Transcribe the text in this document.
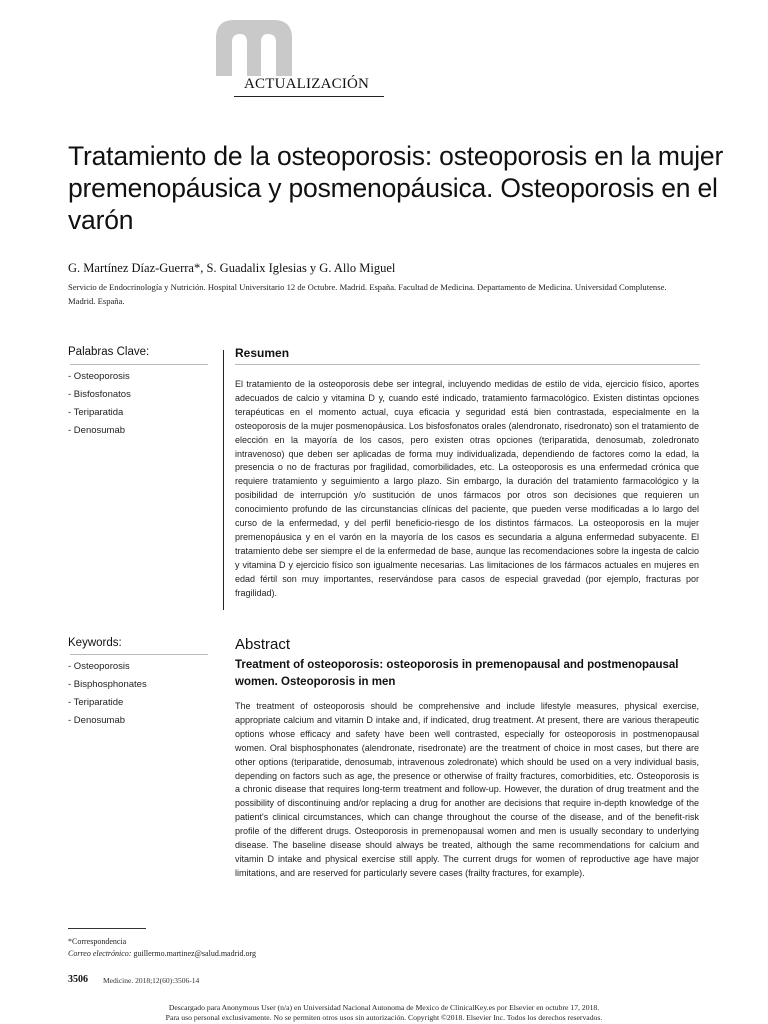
ACTUALIZACIÓN
Tratamiento de la osteoporosis: osteoporosis en la mujer premenopáusica y posmenopáusica. Osteoporosis en el varón
G. Martínez Díaz-Guerra*, S. Guadalix Iglesias y G. Allo Miguel
Servicio de Endocrinología y Nutrición. Hospital Universitario 12 de Octubre. Madrid. España. Facultad de Medicina. Departamento de Medicina. Universidad Complutense. Madrid. España.
Palabras Clave:
- Osteoporosis
- Bisfosfonatos
- Teriparatida
- Denosumab
Keywords:
- Osteoporosis
- Bisphosphonates
- Teriparatide
- Denosumab
Resumen

El tratamiento de la osteoporosis debe ser integral, incluyendo medidas de estilo de vida, ejercicio físico, aportes adecuados de calcio y vitamina D y, cuando esté indicado, tratamiento farmacológico. Existen distintas opciones terapéuticas en el momento actual, cuya eficacia y seguridad está bien contrastada, especialmente en la osteoporosis de la mujer posmenopáusica. Los bisfosfonatos orales (alendronato, risedronato) son el tratamiento de elección en la mayoría de los casos, pero existen otras opciones (teriparatida, denosumab, zoledronato intravenoso) que deben ser aplicadas de forma muy individualizada, dependiendo de factores como la edad, la presencia o no de fracturas por fragilidad, comorbilidades, etc. La osteoporosis es una enfermedad crónica que requiere tratamiento y seguimiento a largo plazo. Sin embargo, la duración del tratamiento farmacológico y la posibilidad de interrupción y/o sustitución de unos fármacos por otros son decisiones que requieren un conocimiento profundo de las circunstancias clínicas del paciente, que pueden verse modificadas a lo largo del curso de la enfermedad, y del perfil beneficio-riesgo de los distintos fármacos. La osteoporosis en la mujer premenopáusica y en el varón en la mayoría de los casos es secundaria a alguna enfermedad subyacente. El tratamiento debe ser siempre el de la enfermedad de base, aunque las recomendaciones sobre la ingesta de calcio y vitamina D y ejercicio físico son igualmente necesarias. Las limitaciones de los fármacos actuales en mujeres en edad fértil son muy importantes, reservándose para casos de especial gravedad (por ejemplo, fracturas por fragilidad).

Abstract
Treatment of osteoporosis: osteoporosis in premenopausal and postmenopausal women. Osteoporosis in men

The treatment of osteoporosis should be comprehensive and include lifestyle measures, physical exercise, appropriate calcium and vitamin D intake and, if indicated, drug treatment. At present, there are various therapeutic options whose efficacy and safety have been well contrasted, especially for osteoporosis in postmenopausal women. Oral bisphosphonates (alendronate, risedronate) are the treatment of choice in most cases, but there are other options (teriparatide, denosumab, intravenous zoledronate) which should be used on a very individual basis, depending on factors such as age, the presence or otherwise of frailty fractures, comorbidities, etc. Osteoporosis is a chronic disease that requires long-term treatment and follow-up. However, the duration of drug treatment and the possibility of discontinuing and/or replacing a drug for another are decisions that require in-depth knowledge of the patient's clinical circumstances, which can change throughout the course of the disease, and of the benefit-risk profile of the different drugs. Osteoporosis in premenopausal women and men is usually secondary to underlying disease. The baseline disease should always be treated, although the same recommendations for calcium and vitamin D intake and physical exercise still apply. The current drugs for women of reproductive age have major limitations, and are reserved for particularly severe cases (frailty fractures, for example).

*Correspondencia
Correo electrónico: guillermo.martinez@salud.madrid.org
3506 Medicine. 2018;12(60):3506-14
Descargado para Anonymous User (n/a) en Universidad Nacional Autonoma de Mexico de ClinicalKey.es por Elsevier en octubre 17, 2018.
Para uso personal exclusivamente. No se permiten otros usos sin autorización. Copyright ©2018. Elsevier Inc. Todos los derechos reservados.
